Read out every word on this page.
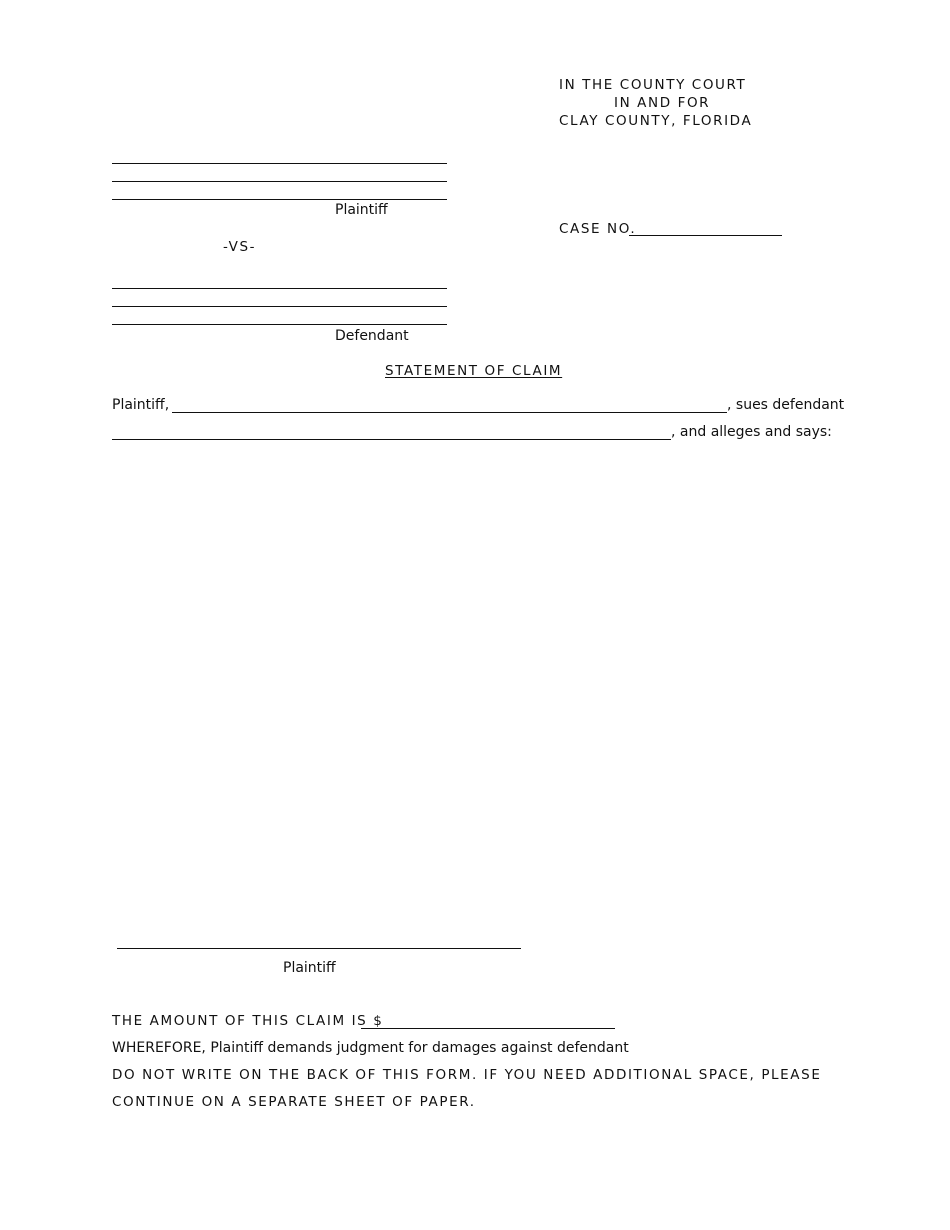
IN THE COUNTY COURT
IN AND FOR
CLAY COUNTY, FLORIDA
Plaintiff
CASE NO.
-VS-
Defendant
STATEMENT OF CLAIM
Plaintiff,	, sues defendant
, and alleges and says:
Plaintiff
THE AMOUNT OF THIS CLAIM IS $
WHEREFORE, Plaintiff demands judgment for damages against defendant
DO NOT WRITE ON THE BACK OF THIS FORM. IF YOU NEED ADDITIONAL SPACE, PLEASE
CONTINUE ON A SEPARATE SHEET OF PAPER.
